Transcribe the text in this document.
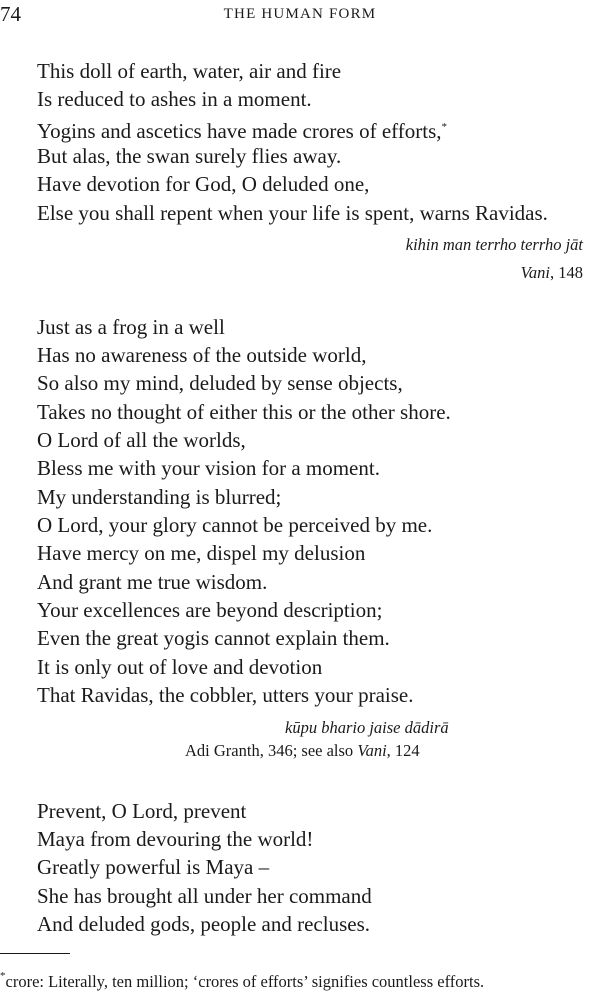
74	THE HUMAN FORM
This doll of earth, water, air and fire
Is reduced to ashes in a moment.
Yogins and ascetics have made crores of efforts,*
But alas, the swan surely flies away.
Have devotion for God, O deluded one,
Else you shall repent when your life is spent, warns Ravidas.
kihin man terrho terrho jāt
Vani, 148
Just as a frog in a well
Has no awareness of the outside world,
So also my mind, deluded by sense objects,
Takes no thought of either this or the other shore.
O Lord of all the worlds,
Bless me with your vision for a moment.
My understanding is blurred;
O Lord, your glory cannot be perceived by me.
Have mercy on me, dispel my delusion
And grant me true wisdom.
Your excellences are beyond description;
Even the great yogis cannot explain them.
It is only out of love and devotion
That Ravidas, the cobbler, utters your praise.
kūpu bhario jaise dādirā
Adi Granth, 346; see also Vani, 124
Prevent, O Lord, prevent
Maya from devouring the world!
Greatly powerful is Maya –
She has brought all under her command
And deluded gods, people and recluses.
*crore: Literally, ten million; ‘crores of efforts’ signifies countless efforts.
